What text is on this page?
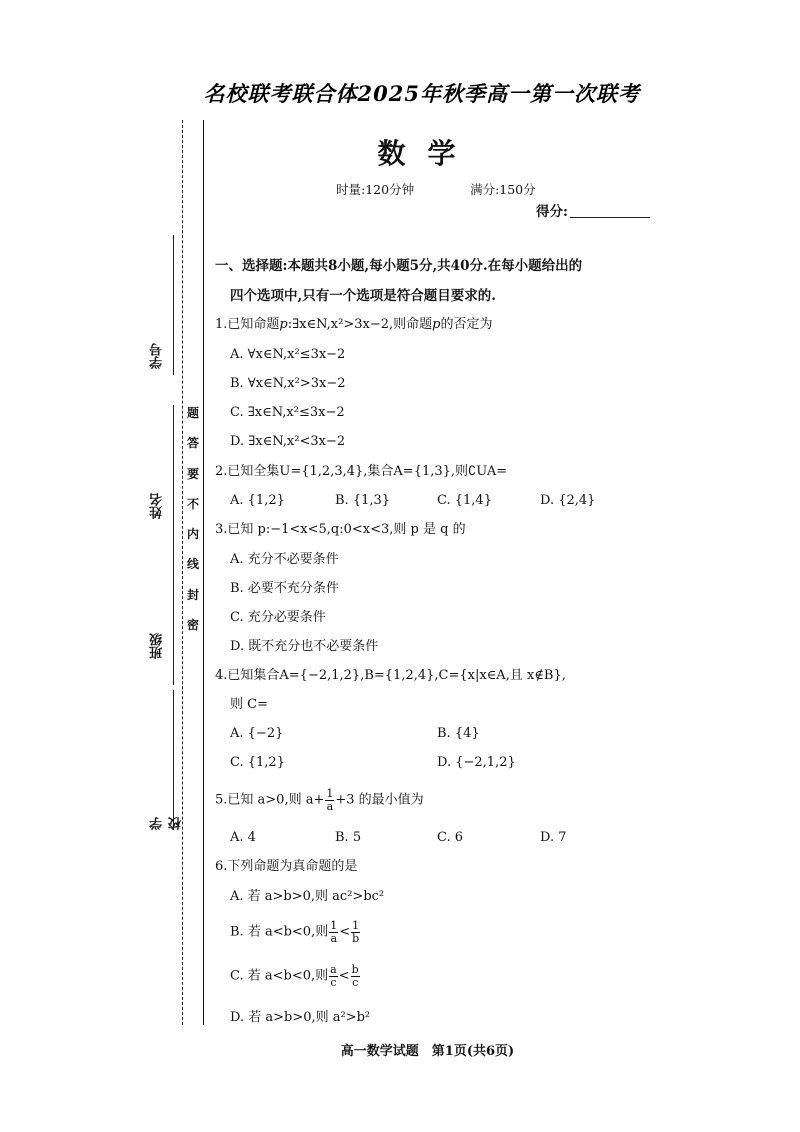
名校联考联合体2025年秋季高一第一次联考
数学
时量:120分钟	满分:150分
得分:
题
答
要
不
内
线
封
密
学号
姓名
班级
学校
一、选择题:本题共8小题,每小题5分,共40分.在每小题给出的
四个选项中,只有一个选项是符合题目要求的.
1.已知命题p:∃x∈N,x²>3x−2,则命题p的否定为
A. ∀x∈N,x²≤3x−2
B. ∀x∈N,x²>3x−2
C. ∃x∈N,x²≤3x−2
D. ∃x∈N,x²<3x−2
2.已知全集U={1,2,3,4},集合A={1,3},则∁UA=
A. {1,2}	B. {1,3}	C. {1,4}	D. {2,4}
3.已知 p:−1<x<5,q:0<x<3,则 p 是 q 的
A. 充分不必要条件
B. 必要不充分条件
C. 充分必要条件
D. 既不充分也不必要条件
4.已知集合A={−2,1,2},B={1,2,4},C={x|x∈A,且 x∉B},
则 C=
A. {−2}	B. {4}
C. {1,2}	D. {−2,1,2}
5.已知 a>0,则 $a+ \frac{1}{a} +3$ 的最小值为
A. 4	B. 5	C. 6	D. 7
6.下列命题为真命题的是
A. 若 a>b>0,则 ac²>bc²
B. 若 a<b<0,则 $\frac{1}{a} < \frac{1}{b}$
C. 若 a<b<0,则 $\frac{a}{c} < \frac{b}{c}$
D. 若 a>b>0,则 a²>b²
高一数学试题　第1页(共6页)
